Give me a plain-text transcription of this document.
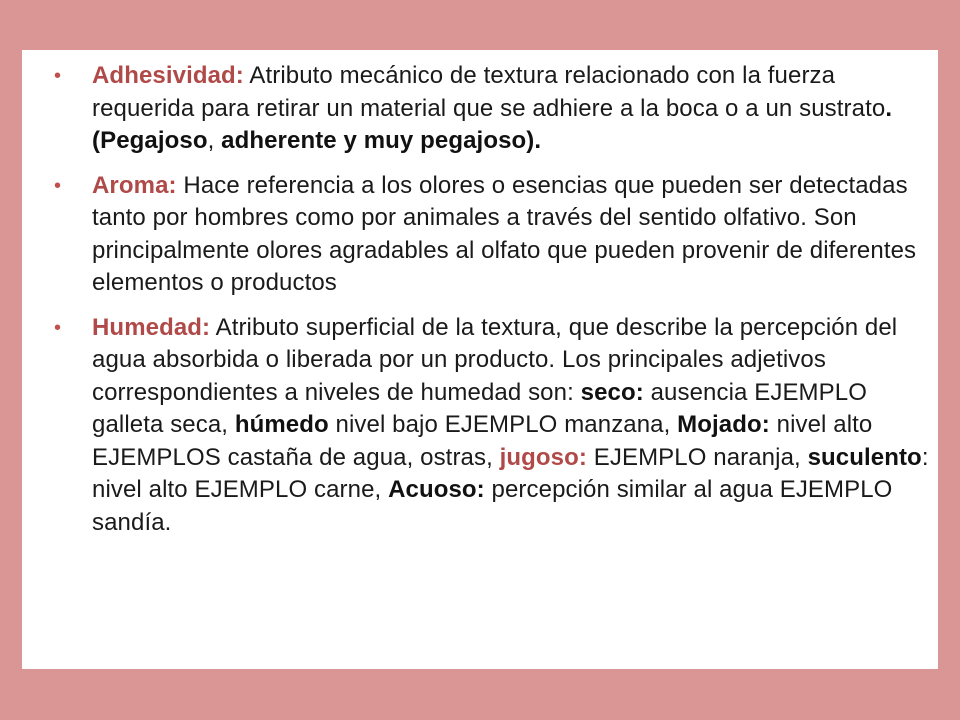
• Adhesividad: Atributo mecánico de textura relacionado con la fuerza requerida para retirar un material que se adhiere a la boca o a un sustrato. (Pegajoso, adherente y muy pegajoso).

• Aroma: Hace referencia a los olores o esencias que pueden ser detectadas tanto por hombres como por animales a través del sentido olfativo. Son principalmente olores agradables al olfato que pueden provenir de diferentes elementos o productos

• Humedad: Atributo superficial de la textura, que describe la percepción del agua absorbida o liberada por un producto. Los principales adjetivos correspondientes a niveles de humedad son: seco: ausencia EJEMPLO galleta seca, húmedo nivel bajo EJEMPLO manzana, Mojado: nivel alto EJEMPLOS castaña de agua, ostras, jugoso: EJEMPLO naranja, suculento: nivel alto EJEMPLO carne, Acuoso: percepción similar al agua EJEMPLO sandía.
